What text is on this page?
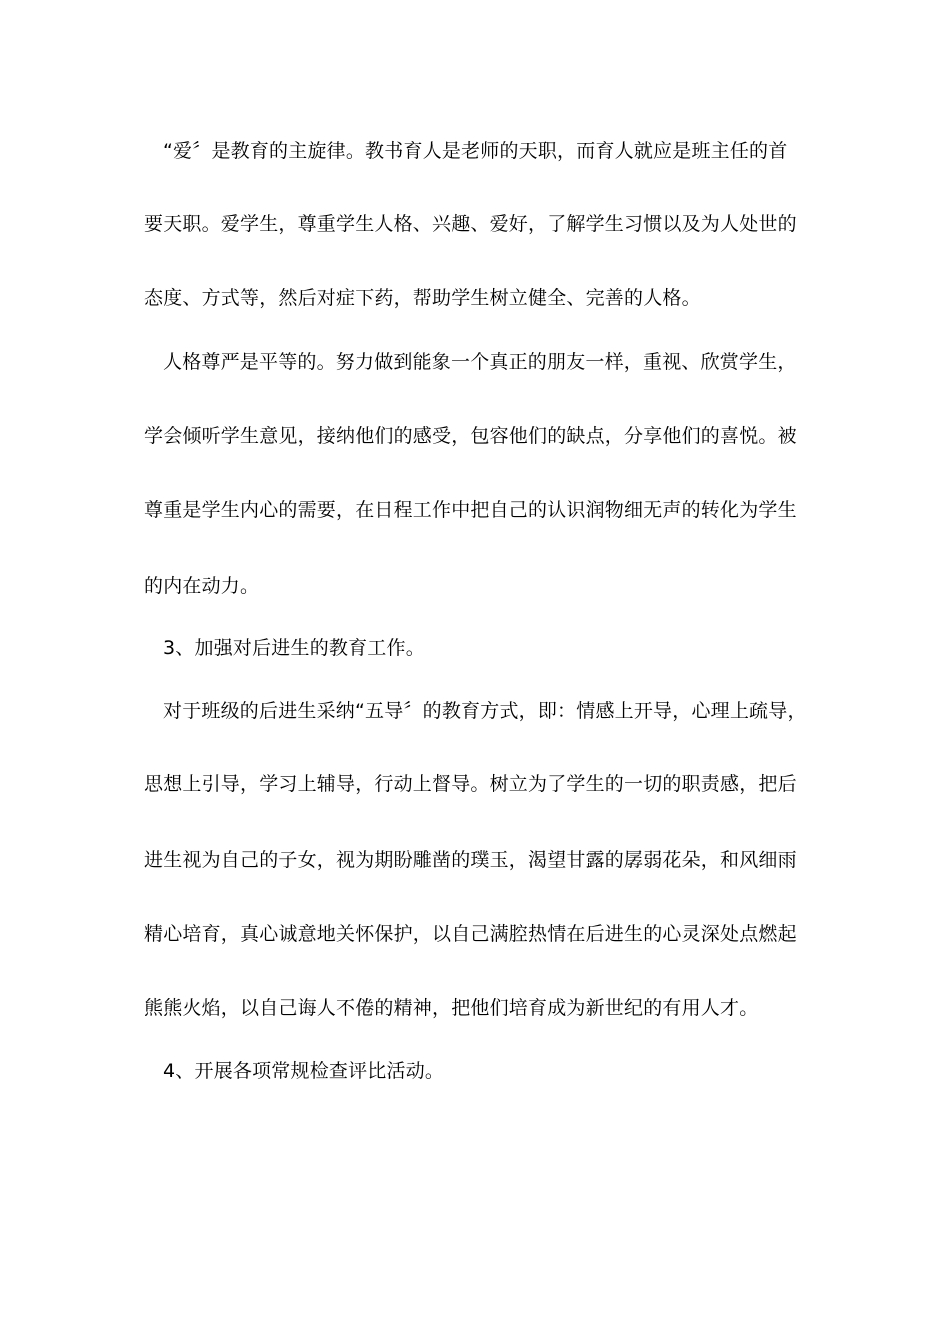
“爱〞是教育的主旋律。教书育人是老师的天职，而育人就应是班主任的首
要天职。爱学生，尊重学生人格、兴趣、爱好，了解学生习惯以及为人处世的
态度、方式等，然后对症下药，帮助学生树立健全、完善的人格。
人格尊严是平等的。努力做到能象一个真正的朋友一样，重视、欣赏学生，
学会倾听学生意见，接纳他们的感受，包容他们的缺点，分享他们的喜悦。被
尊重是学生内心的需要，在日程工作中把自己的认识润物细无声的转化为学生
的内在动力。
3、加强对后进生的教育工作。
对于班级的后进生采纳“五导〞的教育方式，即：情感上开导，心理上疏导，
思想上引导，学习上辅导，行动上督导。树立为了学生的一切的职责感，把后
进生视为自己的子女，视为期盼雕凿的璞玉，渴望甘露的孱弱花朵，和风细雨
精心培育，真心诚意地关怀保护，以自己满腔热情在后进生的心灵深处点燃起
熊熊火焰，以自己诲人不倦的精神，把他们培育成为新世纪的有用人才。
4、开展各项常规检查评比活动。
